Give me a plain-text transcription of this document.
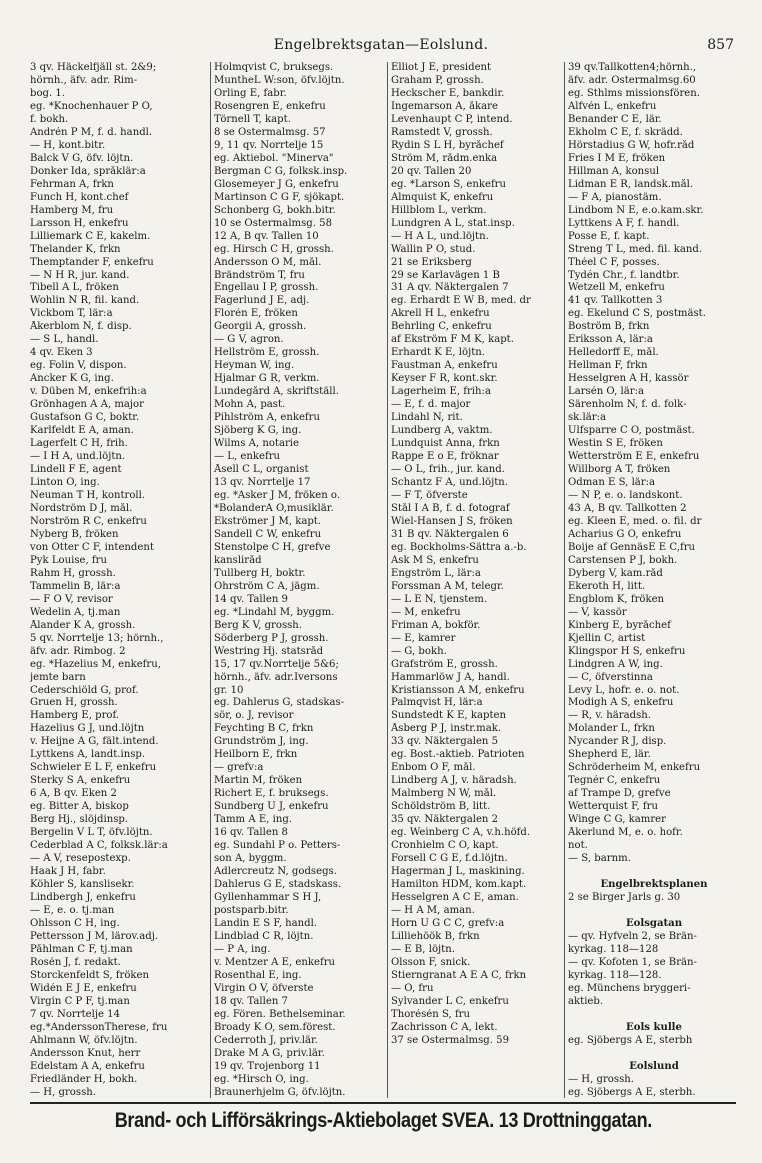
Engelbrektsgatan—Eolslund.	857
3 qv. Häckelfjäll st. 2&9;
hörnh., äfv. adr. Rim-
bog. 1.
eg. *Knochenhauer P O,
f. bokh.
Andrén P M, f. d. handl.
— H, kont.bitr.
Balck V G, öfv. löjtn.
Donker Ida, språklär:a
Fehrman A, frkn
Funch H, kont.chef
Hamberg M, fru
Larsson H, enkefru
Lilliemark C E, kakelm.
Thelander K, frkn
Themptander F, enkefru
— N H R, jur. kand.
Tibell A L, fröken
Wohlin N R, fil. kand.
Vickbom T, lär:a
Åkerblom N, f. disp.
— S L, handl.
4 qv. Eken 3
eg. Folin V, dispon.
Ancker K G, ing.
v. Düben M, enkefrih:a
Grönhagen A A, major
Gustafson G C, boktr.
Karlfeldt E A, aman.
Lagerfelt C H, frih.
— I H A, und.löjtn.
Lindell F E, agent
Linton O, ing.
Neuman T H, kontroll.
Nordström D J, mål.
Norström R C, enkefru
Nyberg B, fröken
von Otter C F, intendent
Pyk Louise, fru
Rahm H, grossh.
Tammelin B, lär:a
— F O V, revisor
Wedelin A, tj.man
Ålander K A, grossh.
5 qv. Norrtelje 13; hörnh.,
äfv. adr. Rimbog. 2
eg. *Hazelius M, enkefru,
jemte barn
Cederschiöld G, prof.
Gruen H, grossh.
Hamberg E, prof.
Hazelius G J, und.löjtn
v. Heijne A G, fält.intend.
Lyttkens A, landt.insp.
Schwieler E L F, enkefru
Sterky S A, enkefru
6 A, B qv. Eken 2
eg. Bitter A, biskop
Berg Hj., slöjdinsp.
Bergelin V L T, öfv.löjtn.
Cederblad A C, folksk.lär:a
— A V, resepostexp.
Haak J H, fabr.
Köhler S, kanslisekr.
Lindbergh J, enkefru
— E, e. o. tj.man
Ohlsson C H, ing.
Pettersson J M, lärov.adj.
Påhlman C F, tj.man
Rosén J, f. redakt.
Storckenfeldt S, fröken
Widén E J E, enkefru
Virgin C P F, tj.man
7 qv. Norrtelje 14
eg.*AnderssonTherese, fru
Ahlmann W, öfv.löjtn.
Andersson Knut, herr
Edelstam A A, enkefru
Friedländer H, bokh.
— H, grossh.
Holmqvist C, bruksegs.
MuntheL W:son, öfv.löjtn.
Orling E, fabr.
Rosengren E, enkefru
Törnell T, kapt.
8 se Östermalmsg. 57
9, 11 qv. Norrtelje 15
eg. Aktiebol. "Minerva"
Bergman C G, folksk.insp.
Glosemeyer J G, enkefru
Martinson C G F, sjökapt.
Schonberg G, bokh.bitr.
10 se Östermalmsg. 58
12 A, B qv. Tallen 10
eg. Hirsch C H, grossh.
Andersson O M, mål.
Brändström T, fru
Engellau I P, grossh.
Fagerlund J E, adj.
Florén E, fröken
Georgii A, grossh.
— G V, agron.
Hellström E, grossh.
Heyman W, ing.
Hjalmar G R, verkm.
Lundegård A, skriftställ.
Mohn A, past.
Pihlström A, enkefru
Sjöberg K G, ing.
Wilms A, notarie
— L, enkefru
Åsell C L, organist
13 qv. Norrtelje 17
eg. *Asker J M, fröken o.
*BolanderA O,musiklär.
Ekströmer J M, kapt.
Sandell C W, enkefru
Stenstolpe C H, grefve
kansliråd
Tullberg H, boktr.
Öhrström C A, jägm.
14 qv. Tallen 9
eg. *Lindahl M, byggm.
Berg K V, grossh.
Söderberg P J, grossh.
Westring Hj. statsråd
15, 17 qv.Norrtelje 5&6;
hörnh., äfv. adr.Iversons
gr. 10
eg. Dahlerus G, stadskas-
sör, o. J, revisor
Feychting B C, frkn
Grundström J, ing.
Heilborn E, frkn
— grefv:a
Martin M, fröken
Richert E, f. bruksegs.
Sundberg U J, enkefru
Tamm A E, ing.
16 qv. Tallen 8
eg. Sundahl P o. Petters-
son A, byggm.
Adlercreutz N, godsegs.
Dahlerus G E, stadskass.
Gyllenhammar S H J,
postsparb.bitr.
Landin E S F, handl.
Lindblad C R, löjtn.
— P A, ing.
v. Mentzer A E, enkefru
Rosenthal E, ing.
Virgin O V, öfverste
18 qv. Tallen 7
eg. Fören. Bethelseminar.
Broady K O, sem.förest.
Cederroth J, priv.lär.
Drake M A G, priv.lär.
19 qv. Trojenborg 11
eg. *Hirsch O, ing.
Braunerhjelm G, öfv.löjtn.
Elliot J E, president
Graham P, grossh.
Heckscher E, bankdir.
Ingemarson A, åkare
Levenhaupt C P, intend.
Ramstedt V, grossh.
Rydin S L H, byråchef
Ström M, rådm.enka
20 qv. Tallen 20
eg. *Larson S, enkefru
Almquist K, enkefru
Hillblom L, verkm.
Lundgren A L, stat.insp.
— H A L, und.löjtn.
Wallin P O, stud.
21 se Eriksberg
29 se Karlavägen 1 B
31 A qv. Näktergalen 7
eg. Erhardt E W B, med. dr
Akrell H L, enkefru
Behrling C, enkefru
af Ekström F M K, kapt.
Erhardt K E, löjtn.
Faustman A, enkefru
Keyser F R, kont.skr.
Lagerheim E, frih:a
— E, f. d. major
Lindahl N, rit.
Lundberg A, vaktm.
Lundquist Anna, frkn
Rappe E o E, fröknar
— O L, frih., jur. kand.
Schantz F A, und.löjtn.
— F T, öfverste
Stål I A B, f. d. fotograf
Wiel-Hansen J S, fröken
31 B qv. Näktergalen 6
eg. Bockholms-Sättra a.-b.
Ask M S, enkefru
Engström L, lär:a
Forssman A M, telegr.
— L E N, tjenstem.
— M, enkefru
Friman A, bokför.
— E, kamrer
— G, bokh.
Grafström E, grossh.
Hammarlöw J A, handl.
Kristiansson A M, enkefru
Palmqvist H, lär:a
Sundstedt K E, kapten
Åsberg P J, instr.mak.
33 qv. Näktergalen 5
eg. Bost.-aktieb. Patrioten
Enbom O F, mål.
Lindberg A J, v. häradsh.
Malmberg N W, mål.
Schöldström B, litt.
35 qv. Näktergalen 2
eg. Weinberg C A, v.h.höfd.
Cronhielm C O, kapt.
Forsell C G E, f.d.löjtn.
Hagerman J L, maskining.
Hamilton HDM, kom.kapt.
Hesselgren A C E, aman.
— H A M, aman.
Horn U G C C, grefv:a
Lilliehöök B, frkn
— E B, löjtn.
Olsson F, snick.
Stierngranat A E A C, frkn
— O, fru
Sylvander L C, enkefru
Thorésén S, fru
Zachrisson C A, lekt.
37 se Östermalmsg. 59
39 qv.Tallkotten4;hörnh.,
äfv. adr. Östermalmsg.60
eg. Sthlms missionsfören.
Alfvén L, enkefru
Benander C E, lär.
Ekholm C E, f. skrädd.
Hörstadius G W, hofr.råd
Fries I M E, fröken
Hillman A, konsul
Lidman E R, landsk.mål.
— F A, pianostäm.
Lindbom N E, e.o.kam.skr.
Lyttkens A F, f. handl.
Posse E, f. kapt.
Streng T L, med. fil. kand.
Théel C F, posses.
Tydén Chr., f. landtbr.
Wetzell M, enkefru
41 qv. Tallkotten 3
eg. Ekelund C S, postmäst.
Boström B, frkn
Eriksson A, lär:a
Helledorff E, mål.
Hellman F, frkn
Hesselgren A H, kassör
Larsén O, lär:a
Särenholm N, f. d. folk-
sk.lär:a
Ulfsparre C O, postmäst.
Westin S E, fröken
Wetterström E E, enkefru
Willborg A T, fröken
Ödman E S, lär:a
— N P, e. o. landskont.
43 A, B qv. Tallkotten 2
eg. Kleen E, med. o. fil. dr
Acharius G O, enkefru
Boije af GennäsE E C,fru
Carstensen P J, bokh.
Dyberg V, kam.råd
Ekeroth H, litt.
Engblom K, fröken
— V, kassör
Kinberg E, byråchef
Kjellin C, artist
Klingspor H S, enkefru
Lindgren A W, ing.
— C, öfverstinna
Levy L, hofr. e. o. not.
Modigh A S, enkefru
— R, v. häradsh.
Molander L, frkn
Nycander R J, disp.
Shepherd E, lär.
Schröderheim M, enkefru
Tegnér C, enkefru
af Trampe D, grefve
Wetterquist F, fru
Winge C G, kamrer
Åkerlund M, e. o. hofr.
not.
— S, barnm.
Engelbrektsplanen
2 se Birger Jarls g. 30
Eolsgatan
— qv. Hyfveln 2, se Brän-
kyrkag. 118—128
— qv. Kofoten 1, se Brän-
kyrkag. 118—128.
eg. Münchens bryggeri-
aktieb.
Eols kulle
eg. Sjöbergs A E, sterbh
Eolslund
— H, grossh.
eg. Sjöbergs A E, sterbh.
Brand- och Lifförsäkrings-Aktiebolaget SVEA. 13 Drottninggatan.
